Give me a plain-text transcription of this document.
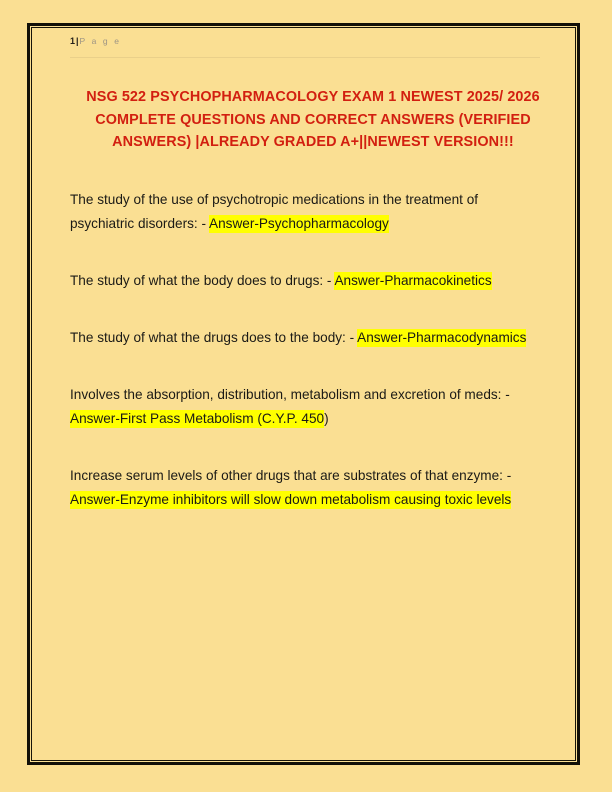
1|P a g e
NSG 522 PSYCHOPHARMACOLOGY EXAM 1 NEWEST 2025/ 2026 COMPLETE QUESTIONS AND CORRECT ANSWERS (VERIFIED ANSWERS) |ALREADY GRADED A+||NEWEST VERSION!!!
The study of the use of psychotropic medications in the treatment of psychiatric disorders: - Answer-Psychopharmacology
The study of what the body does to drugs: - Answer-Pharmacokinetics
The study of what the drugs does to the body: - Answer-Pharmacodynamics
Involves the absorption, distribution, metabolism and excretion of meds: - Answer-First Pass Metabolism (C.Y.P. 450)
Increase serum levels of other drugs that are substrates of that enzyme: - Answer-Enzyme inhibitors will slow down metabolism causing toxic levels
